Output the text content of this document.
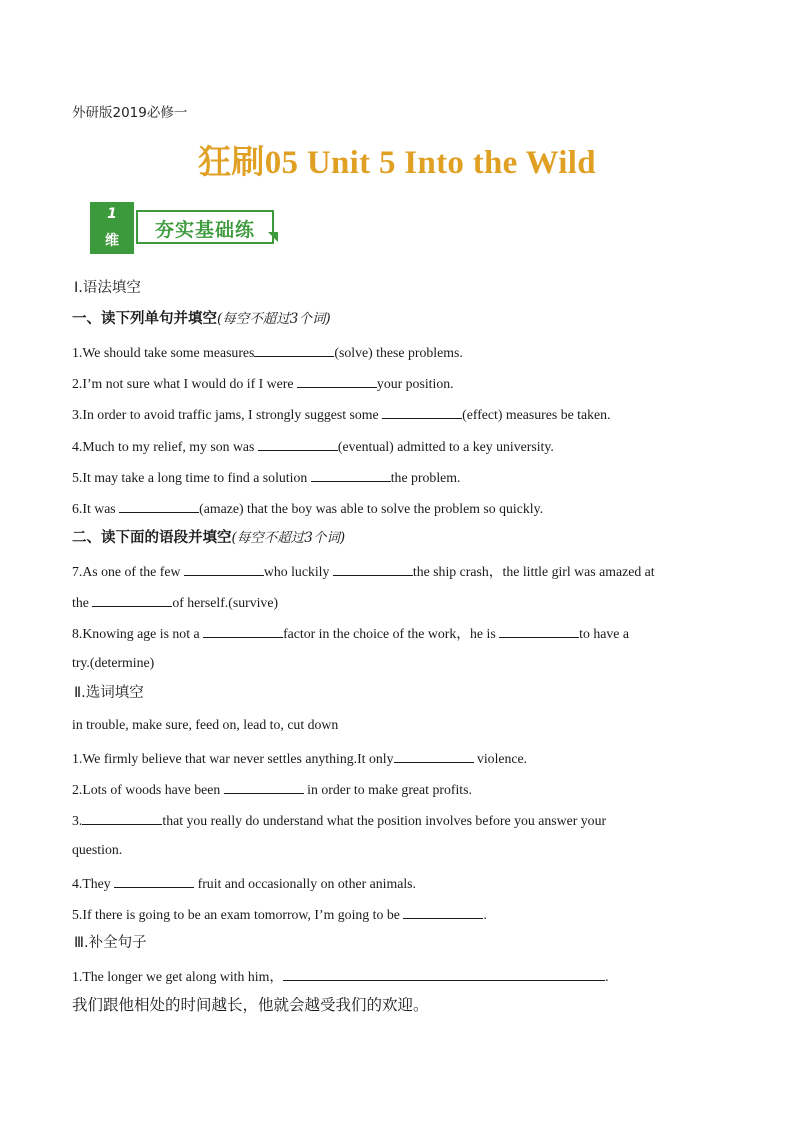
外研版2019必修一
狂刷05 Unit 5 Into the Wild
1
维	夯实基础练
Ⅰ.语法填空
一、读下列单句并填空(每空不超过3个词)
1.We should take some measures	(solve) these problems.
2.I’m not sure what I would do if I were	your position.
3.In order to avoid traffic jams, I strongly suggest some	(effect) measures be taken.
4.Much to my relief, my son was	(eventual) admitted to a key university.
5.It may take a long time to find a solution	the problem.
6.It was	(amaze) that the boy was able to solve the problem so quickly.
二、读下面的语段并填空(每空不超过3个词)
7.As one of the few	who luckily	the ship crash，the little girl was amazed at
the	of herself.(survive)
8.Knowing age is not a	factor in the choice of the work，he is	to have a
try.(determine)
Ⅱ.选词填空
in trouble, make sure, feed on, lead to, cut down
1.We firmly believe that war never settles anything.It only	violence.
2.Lots of woods have been	in order to make great profits.
3.	that you really do understand what the position involves before you answer your
question.
4.They	fruit and occasionally on other animals.
5.If there is going to be an exam tomorrow, I’m going to be	.
Ⅲ.补全句子
1.The longer we get along with him，	.
我们跟他相处的时间越长，他就会越受我们的欢迎。
